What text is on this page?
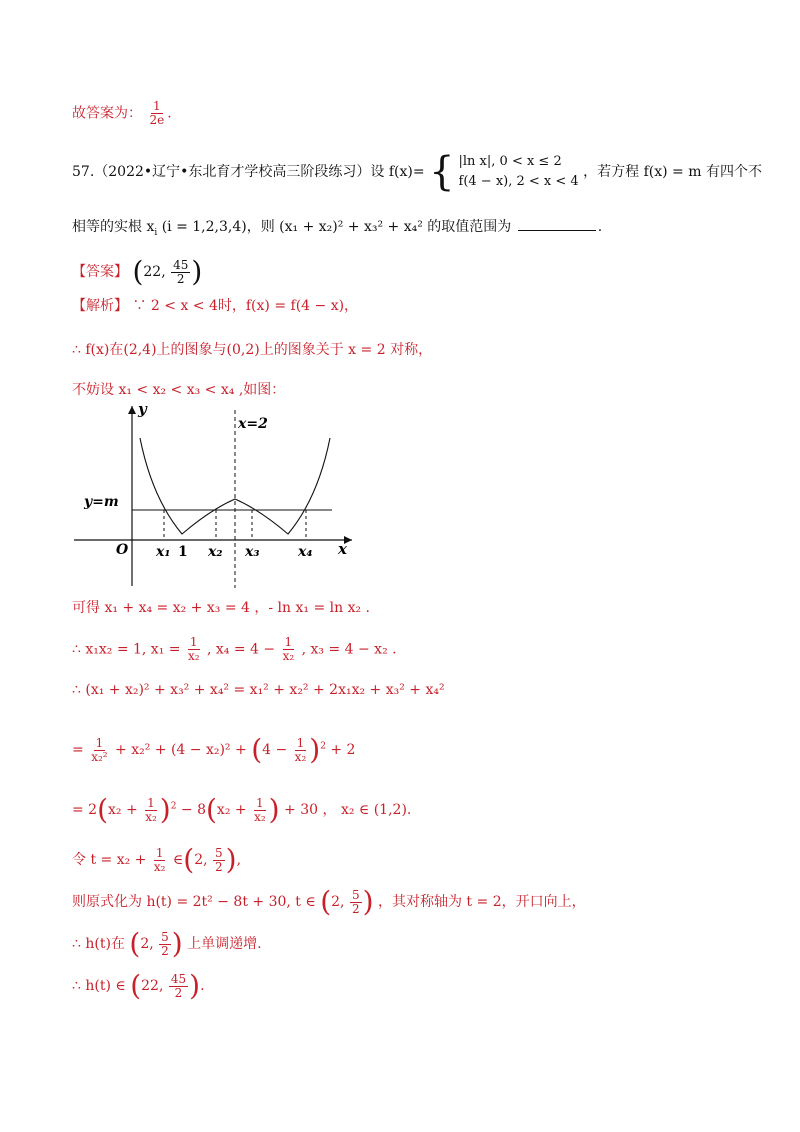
故答案为： $\frac{1}{2e}$ .
57.（2022•辽宁•东北育才学校高三阶段练习）设 f(x)= { |ln x|, 0 < x ≤ 2
f(4 − x), 2 < x < 4
，若方程 f(x) = m 有四个不
相等的实根 $x_i$ (i = 1,2,3,4)，则 (x₁ + x₂)² + x₃² + x₄² 的取值范围为	.
【答案】 (22, $\frac{45}{2}$ )
【解析】 ∵ 2 < x < 4时，f(x) = f(4 − x)，
∴ f(x)在(2,4)上的图象与(0,2)上的图象关于 x = 2 对称，
不妨设 x₁ < x₂ < x₃ < x₄ ,如图：
y
x
O
y=m
x=2
x₁ 1 x₂ x₃	x₄
可得 x₁ + x₄ = x₂ + x₃ = 4 ，- ln x₁ = ln x₂ .
∴ x₁x₂ = 1, $x_1 = \frac{1}{\text{x₂}}$ , $x_4 = 4 - \frac{1}{\text{x₂}}$ , x₃ = 4 − x₂ .
∴ (x₁ + x₂)² + x₃² + x₄² = x₁² + x₂² + 2x₁x₂ + x₃² + x₄²
= $\frac{1}{\text{x₂²}} + x_2^2 + (4 - x_2)^2 + (4 - \frac{1}{\text{x₂}} )^2 + 2$
= $2(x_2 + \frac{1}{\text{x₂}} )^2 - 8(x_2 + \frac{1}{\text{x₂}}$ ) + 30 ， x₂ ∈ (1,2).
令 $t = x_2 + \frac{1}{\text{x₂}}$ ∈(2, $\frac{5}{2}$ ),
则原式化为 h(t) = 2t² − 8t + 30, t ∈ (2, $\frac{5}{2}$ ) ，其对称轴为 t = 2，开口向上，
∴ h(t)在 (2, $\frac{5}{2}$ ) 上单调递增.
∴ h(t) ∈ (22, $\frac{45}{2}$ ).
